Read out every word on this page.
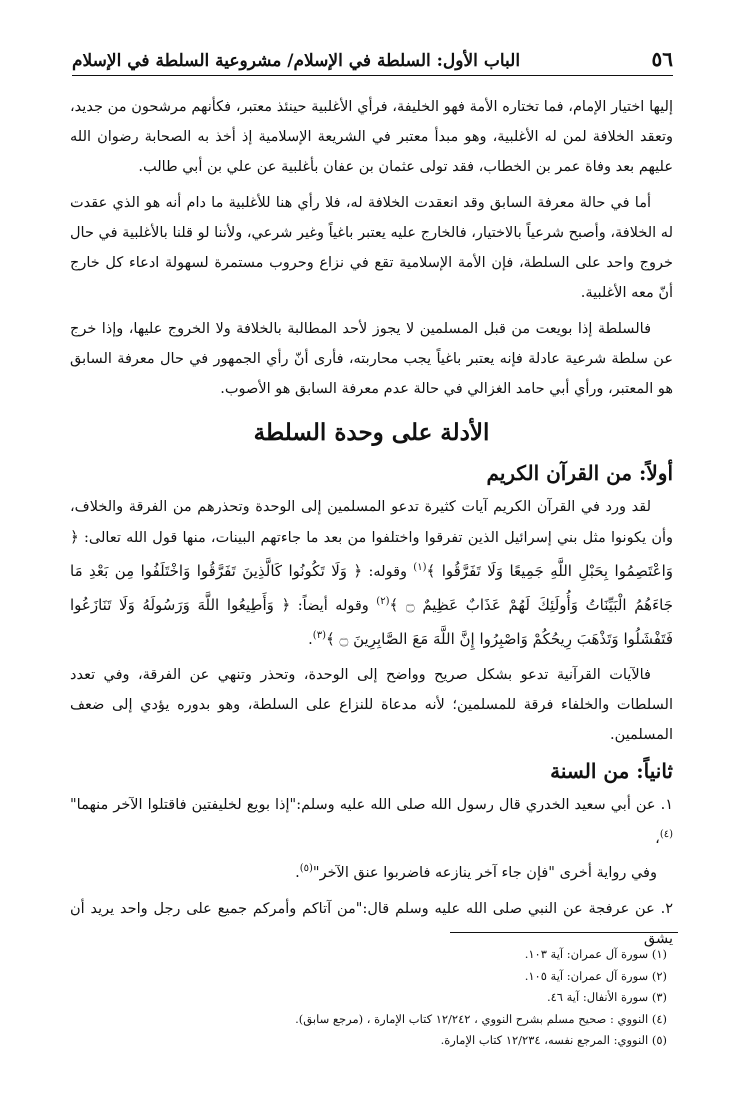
٥٦
الباب الأول: السلطة في الإسلام/ مشروعية السلطة في الإسلام

إليها اختيار الإمام، فما تختاره الأمة فهو الخليفة، فرأي الأغلبية حينئذ معتبر، فكأنهم مرشحون من جديد، وتعقد الخلافة لمن له الأغلبية، وهو مبدأ معتبر في الشريعة الإسلامية إذ أخذ به الصحابة رضوان الله عليهم بعد وفاة عمر بن الخطاب، فقد تولى عثمان بن عفان بأغلبية عن علي بن أبي طالب.

أما في حالة معرفة السابق وقد انعقدت الخلافة له، فلا رأي هنا للأغلبية ما دام أنه هو الذي عقدت له الخلافة، وأصبح شرعياً بالاختيار، فالخارج عليه يعتبر باغياً وغير شرعي، ولأننا لو قلنا بالأغلبية في حال خروج واحد على السلطة، فإن الأمة الإسلامية تقع في نزاع وحروب مستمرة لسهولة ادعاء كل خارج أنّ معه الأغلبية.

فالسلطة إذا بويعت من قبل المسلمين لا يجوز لأحد المطالبة بالخلافة ولا الخروج عليها، وإذا خرج عن سلطة شرعية عادلة فإنه يعتبر باغياً يجب محاربته، فأرى أنّ رأي الجمهور في حال معرفة السابق هو المعتبر، ورأي أبي حامد الغزالي في حالة عدم معرفة السابق هو الأصوب.

الأدلة على وحدة السلطة
أولاً: من القرآن الكريم

لقد ورد في القرآن الكريم آيات كثيرة تدعو المسلمين إلى الوحدة وتحذرهم من الفرقة والخلاف، وأن يكونوا مثل بني إسرائيل الذين تفرقوا واختلفوا من بعد ما جاءتهم البينات، منها قول الله تعالى: ﴿ وَاعْتَصِمُوا بِحَبْلِ اللَّهِ جَمِيعًا وَلَا تَفَرَّقُوا ﴾$^{(١)}$ وقوله: ﴿ وَلَا تَكُونُوا كَالَّذِينَ تَفَرَّقُوا وَاخْتَلَفُوا مِن بَعْدِ مَا جَاءَهُمُ الْبَيِّنَاتُ وَأُولَئِكَ لَهُمْ عَذَابٌ عَظِيمٌ ۝ ﴾$^{(٢)}$ وقوله أيضاً: ﴿ وَأَطِيعُوا اللَّهَ وَرَسُولَهُ وَلَا تَنَازَعُوا فَتَفْشَلُوا وَتَذْهَبَ رِيحُكُمْ وَاصْبِرُوا إِنَّ اللَّهَ مَعَ الصَّابِرِينَ ۝ ﴾$^{(٣)}$.

فالآيات القرآنية تدعو بشكل صريح وواضح إلى الوحدة، وتحذر وتنهي عن الفرقة، وفي تعدد السلطات والخلفاء فرقة للمسلمين؛ لأنه مدعاة للنزاع على السلطة، وهو بدوره يؤدي إلى ضعف المسلمين.

ثانياً: من السنة

١. عن أبي سعيد الخدري قال رسول الله صلى الله عليه وسلم:"إذا بويع لخليفتين فاقتلوا الآخر منهما"$^{(٤)}$،
وفي رواية أخرى "فإن جاء آخر ينازعه فاضربوا عنق الآخر"$^{(٥)}$.

٢. عن عرفجة عن النبي صلى الله عليه وسلم قال:"من آتاكم وأمركم جميع على رجل واحد يريد أن يشق

(١) سورة آل عمران: آية ١٠٣.
(٢) سورة آل عمران: آية ١٠٥.
(٣) سورة الأنفال: آية ٤٦.
(٤) النووي : صحيح مسلم بشرح النووي ، ١٢/٢٤٢ كتاب الإمارة ، (مرجع سابق).
(٥) النووي: المرجع نفسه، ١٢/٢٣٤ كتاب الإمارة.
